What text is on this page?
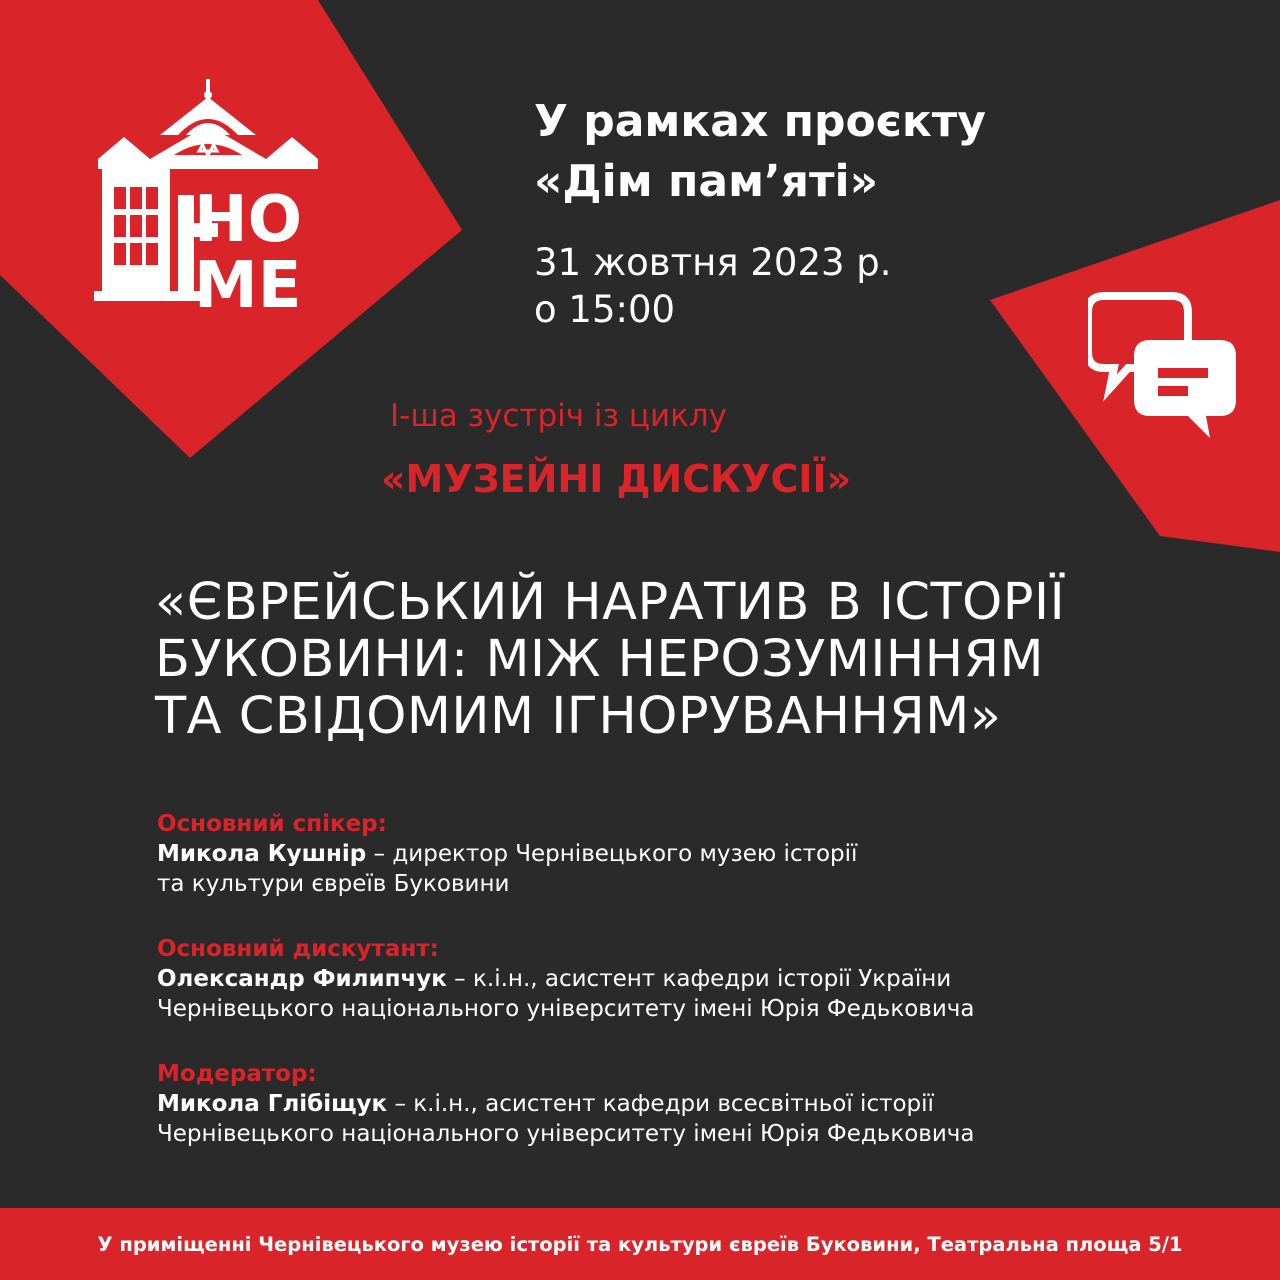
HO
ME
У рамках проєкту
«Дім пам’яті»
31 жовтня 2023 р.
о 15:00
І-ша зустріч із циклу
«МУЗЕЙНІ ДИСКУСІЇ»
«ЄВРЕЙСЬКИЙ НАРАТИВ В ІСТОРІЇ
БУКОВИНИ: МІЖ НЕРОЗУМІННЯМ
ТА СВІДОМИМ ІГНОРУВАННЯМ»

Основний спікер:

Микола Кушнір – директор Чернівецького музею історії

та культури євреїв Буковини

Основний дискутант:

Олександр Филипчук – к.і.н., асистент кафедри історії України

Чернівецького національного університету імені Юрія Федьковича

Модератор:

Микола Глібіщук – к.і.н., асистент кафедри всесвітньої історії

Чернівецького національного університету імені Юрія Федьковича

У приміщенні Чернівецького музею історії та культури євреїв Буковини, Театральна площа 5/1
